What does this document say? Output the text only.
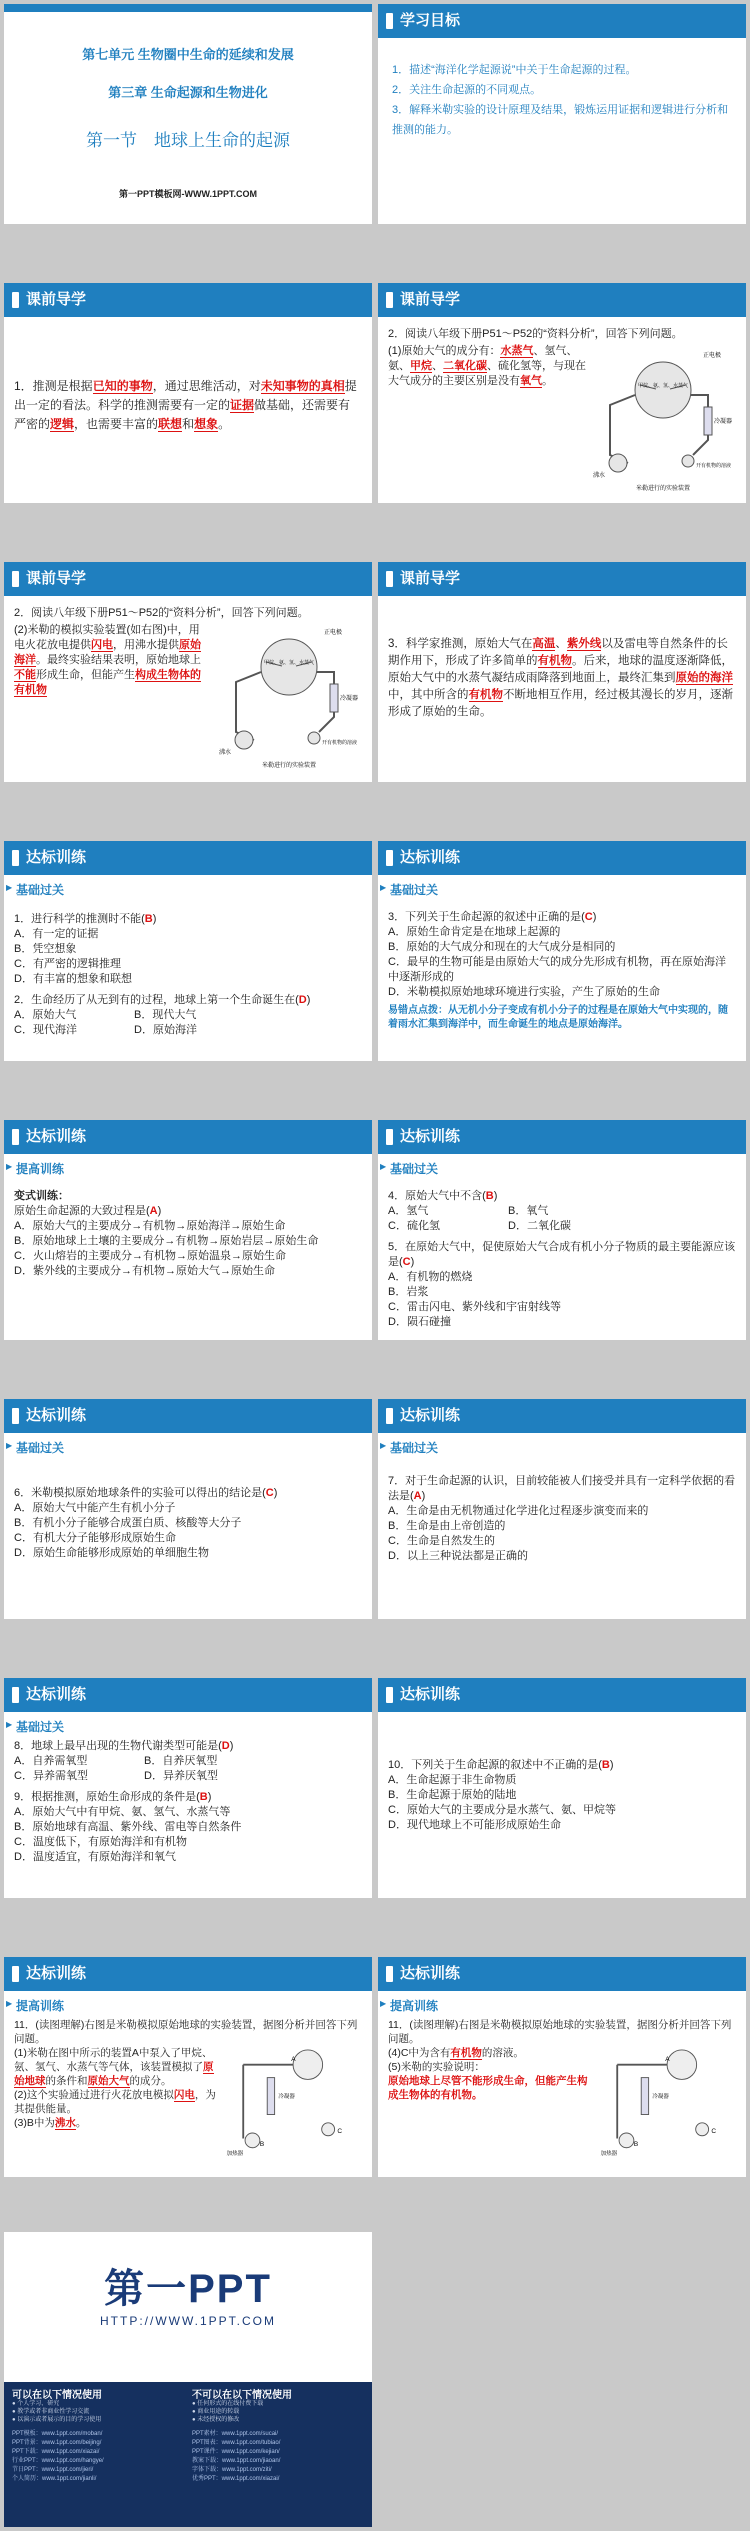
第七单元 生物圈中生命的延续和发展
第三章 生命起源和生物进化
第一节　地球上生命的起源
第一PPT模板网-WWW.1PPT.COM
学习目标
1．描述“海洋化学起源说”中关于生命起源的过程。
2．关注生命起源的不同观点。
3．解释米勒实验的设计原理及结果，锻炼运用证据和逻辑进行分析和推测的能力。
课前导学
1．推测是根据已知的事物，通过思维活动，对未知事物的真相提出一定的看法。科学的推测需要有一定的证据做基础，还需要有严密的逻辑，也需要丰富的联想和想象。
课前导学

2．阅读八年级下册P51～P52的“资料分析”，回答下列问题。

(1)原始大气的成分有：水蒸气、氢气、氨、甲烷、二氧化碳、硫化氢等，与现在大气成分的主要区别是没有氧气。	甲烷、氨、氢、水蒸气
正电极
冷凝器
沸水
开有机物的溶液
米勒进行的实验装置
课前导学

2．阅读八年级下册P51～P52的“资料分析”，回答下列问题。

(2)米勒的模拟实验装置(如右图)中，用电火花放电提供闪电，用沸水提供原始海洋。最终实验结果表明，原始地球上不能形成生命，但能产生构成生物体的有机物
甲烷、氨、氢、水蒸气
正电极
冷凝器
沸水
开有机物的溶液
米勒进行的实验装置
课前导学
3．科学家推测，原始大气在高温、紫外线以及雷电等自然条件的长期作用下，形成了许多简单的有机物。后来，地球的温度逐渐降低，原始大气中的水蒸气凝结成雨降落到地面上，最终汇集到原始的海洋中，其中所含的有机物不断地相互作用，经过极其漫长的岁月，逐渐形成了原始的生命。
达标训练
▶ 基础过关

1．进行科学的推测时不能(B)

A．有一定的证据

B．凭空想象

C．有严密的逻辑推理

D．有丰富的想象和联想

2．生命经历了从无到有的过程，地球上第一个生命诞生在(D)

A．原始大气	B．现代大气

C．现代海洋	D．原始海洋

达标训练
▶ 基础过关

3．下列关于生命起源的叙述中正确的是(C)

A．原始生命肯定是在地球上起源的

B．原始的大气成分和现在的大气成分是相同的

C．最早的生物可能是由原始大气的成分先形成有机物，再在原始海洋中逐渐形成的

D．米勒模拟原始地球环境进行实验，产生了原始的生命

易错点点拨：从无机小分子变成有机小分子的过程是在原始大气中实现的，随着雨水汇集到海洋中，而生命诞生的地点是原始海洋。

达标训练
▶ 提高训练

变式训练：

原始生命起源的大致过程是(A)

A．原始大气的主要成分→有机物→原始海洋→原始生命

B．原始地球上土壤的主要成分→有机物→原始岩层→原始生命

C．火山熔岩的主要成分→有机物→原始温泉→原始生命

D．紫外线的主要成分→有机物→原始大气→原始生命

达标训练
▶ 基础过关

4．原始大气中不含(B)

A．氢气	B．氧气

C．硫化氢	D．二氧化碳

5．在原始大气中，促使原始大气合成有机小分子物质的最主要能源应该是(C)

A．有机物的燃烧

B．岩浆

C．雷击闪电、紫外线和宇宙射线等

D．陨石碰撞

达标训练
▶ 基础过关

6．米勒模拟原始地球条件的实验可以得出的结论是(C)

A．原始大气中能产生有机小分子

B．有机小分子能够合成蛋白质、核酸等大分子

C．有机大分子能够形成原始生命

D．原始生命能够形成原始的单细胞生物

达标训练
▶ 基础过关

7．对于生命起源的认识，目前较能被人们接受并具有一定科学依据的看法是(A)

A．生命是由无机物通过化学进化过程逐步演变而来的

B．生命是由上帝创造的

C．生命是自然发生的

D．以上三种说法都是正确的

达标训练
▶ 基础过关

8．地球上最早出现的生物代谢类型可能是(D)

A．自养需氧型	B．自养厌氧型

C．异养需氧型	D．异养厌氧型

9．根据推测，原始生命形成的条件是(B)

A．原始大气中有甲烷、氨、氢气、水蒸气等

B．原始地球有高温、紫外线、雷电等自然条件

C．温度低下，有原始海洋和有机物

D．温度适宜，有原始海洋和氧气

达标训练

10．下列关于生命起源的叙述中不正确的是(B)

A．生命起源于非生命物质

B．生命起源于原始的陆地

C．原始大气的主要成分是水蒸气、氨、甲烷等

D．现代地球上不可能形成原始生命

达标训练
▶ 提高训练

11．(读图理解)右图是米勒模拟原始地球的实验装置，据图分析并回答下列问题。

(1)米勒在图中所示的装置A中泵入了甲烷、氨、氢气、水蒸气等气体，该装置模拟了原始地球的条件和原始大气的成分。
(2)这个实验通过进行火花放电模拟闪电，为其提供能量。
(3)B中为沸水。
A
冷凝器
B
加热器
C
达标训练
▶ 提高训练

11．(读图理解)右图是米勒模拟原始地球的实验装置，据图分析并回答下列问题。

(4)C中为含有有机物的溶液。
(5)米勒的实验说明：
原始地球上尽管不能形成生命，但能产生构成生物体的有机物。
A
冷凝器
B
加热器
C
第一PPT
HTTP://WWW.1PPT.COM
可以在以下情况使用
● 个人学习、研究
● 教学或者非商业性学习交流
● 以演示或者展示的目的学习使用
PPT模板：www.1ppt.com/moban/
PPT背景：www.1ppt.com/beijing/
PPT下载：www.1ppt.com/xiazai/
行业PPT：www.1ppt.com/hangye/
节日PPT：www.1ppt.com/jieri/
个人简历：www.1ppt.com/jianli/
不可以在以下情况使用
● 任何形式的在线付费下载
● 商业用途的转载
● 未经授权的修改
PPT素材：www.1ppt.com/sucai/
PPT图表：www.1ppt.com/tubiao/
PPT课件：www.1ppt.com/kejian/
教案下载：www.1ppt.com/jiaoan/
字体下载：www.1ppt.com/ziti/
优秀PPT：www.1ppt.com/xiazai/
